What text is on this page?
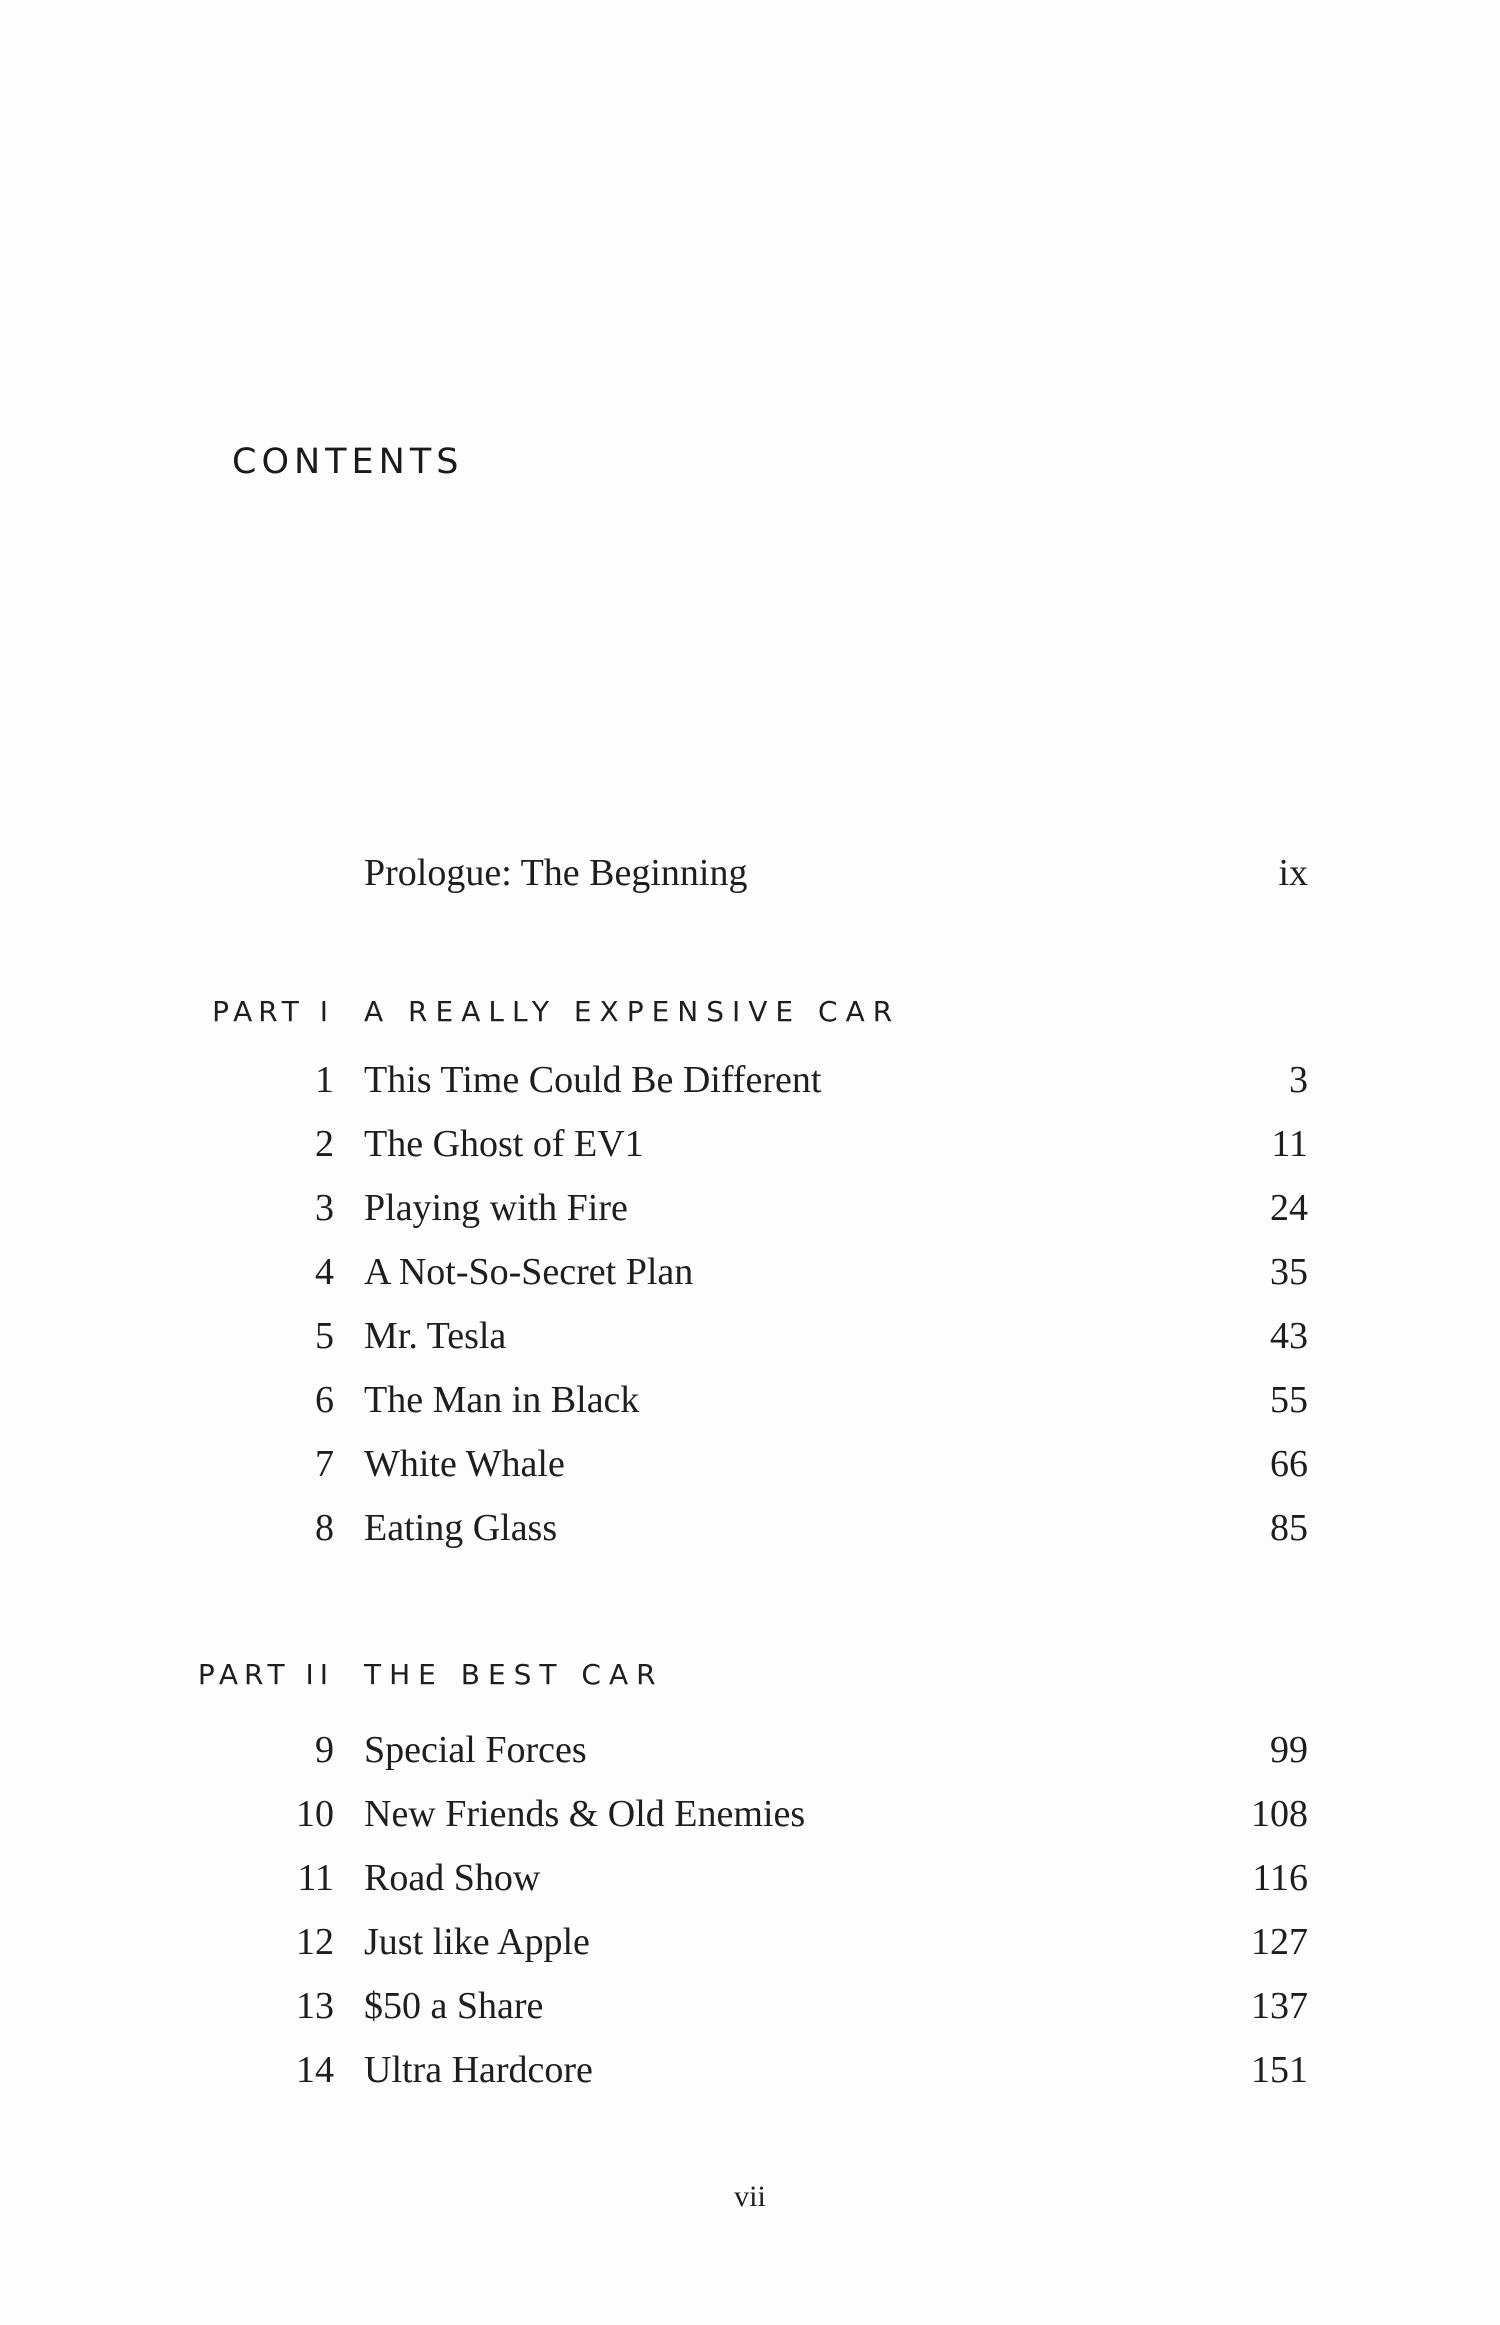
CONTENTS
Prologue: The Beginning	ix
PART I A REALLY EXPENSIVE CAR
1 This Time Could Be Different	3
2 The Ghost of EV1	11
3 Playing with Fire	24
4 A Not-So-Secret Plan	35
5 Mr. Tesla	43
6 The Man in Black	55
7 White Whale	66
8 Eating Glass	85
PART II THE BEST CAR
9 Special Forces	99
10 New Friends & Old Enemies	108
11 Road Show	116
12 Just like Apple	127
13 $50 a Share	137
14 Ultra Hardcore	151
vii
